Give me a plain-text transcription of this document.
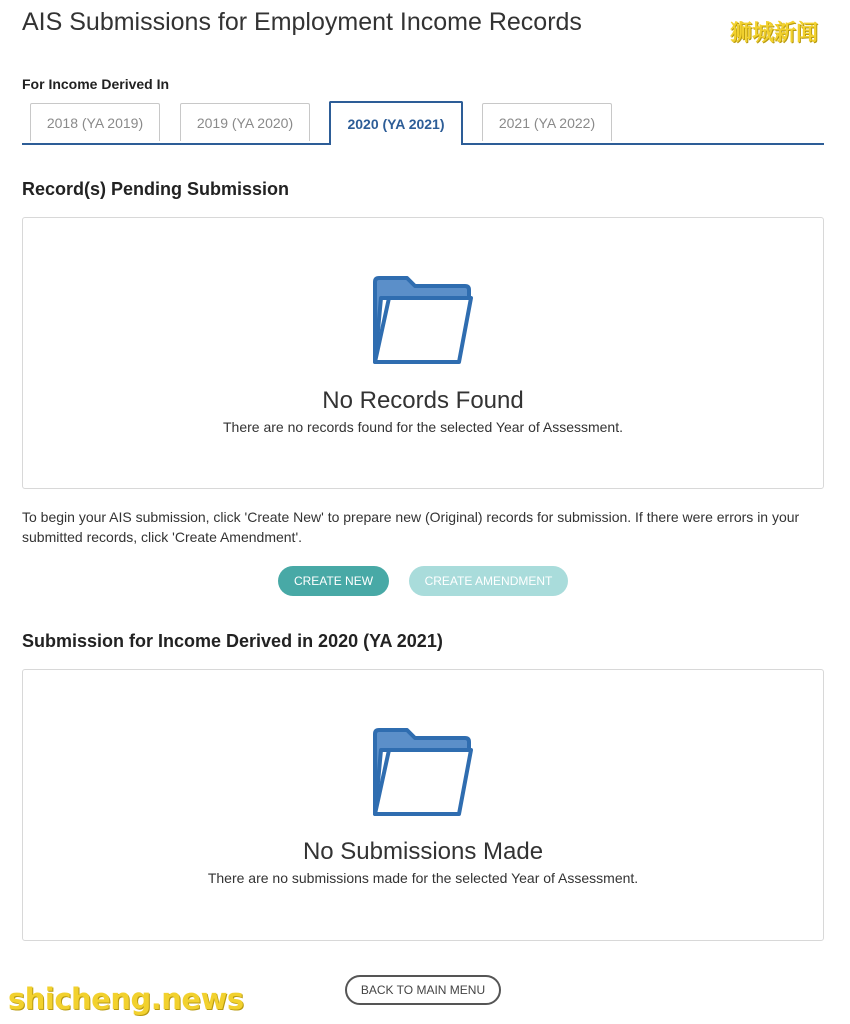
AIS Submissions for Employment Income Records	狮城新闻
For Income Derived In
2018 (YA 2019)	2019 (YA 2020)	2020 (YA 2021)	2021 (YA 2022)
Record(s) Pending Submission
No Records Found
There are no records found for the selected Year of Assessment.

To begin your AIS submission, click 'Create New' to prepare new (Original) records for submission. If there were errors in your submitted records, click 'Create Amendment'.

CREATE NEW	CREATE AMENDMENT
Submission for Income Derived in 2020 (YA 2021)
No Submissions Made
There are no submissions made for the selected Year of Assessment.
BACK TO MAIN MENU
shicheng.news
